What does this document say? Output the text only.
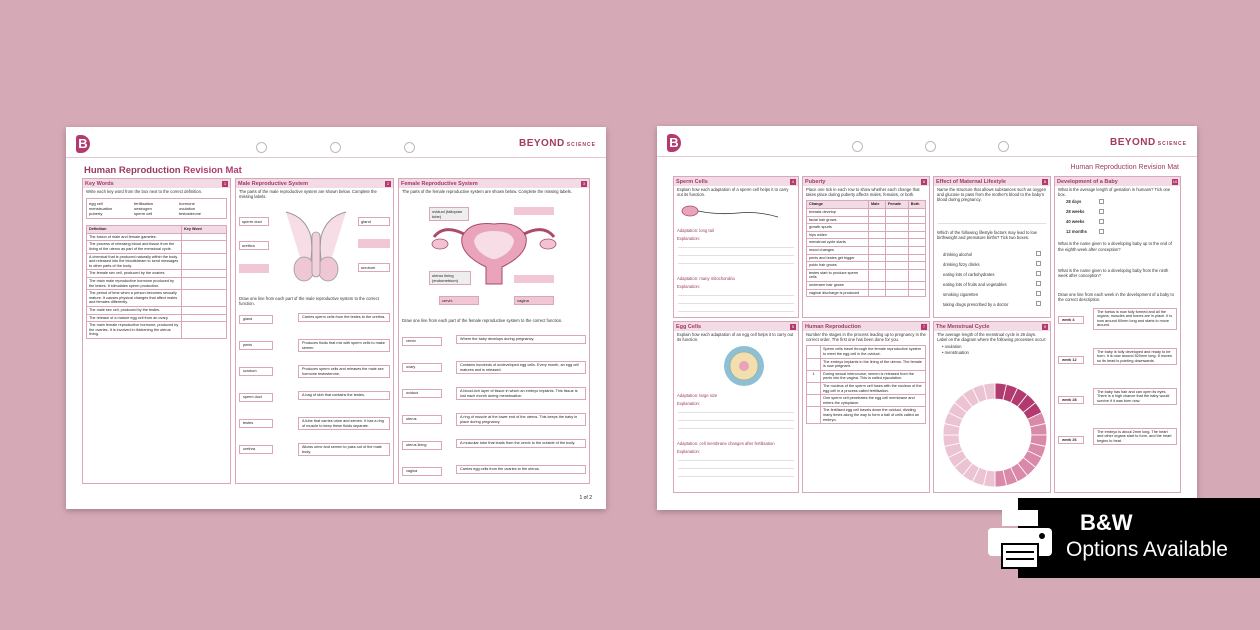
B	BEYOND SCIENCE
Human Reproduction Revision Mat
Key Words	1
Write each key word from the box next to the correct definition.
egg cell	fertilisation	hormone
menstruation	oestrogen	ovulation
puberty	sperm cell	testosterone
Definition	Key Word
The fusion of male and female gametes.	
The process of releasing blood and tissue from the lining of the uterus as part of the menstrual cycle.	
A chemical that is produced naturally within the body and released into the bloodstream to send messages to other parts of the body.	
The female sex cell, produced by the ovaries.	
The main male reproductive hormone produced by the testes. It stimulates sperm production.	
The period of time when a person becomes sexually mature. It causes physical changes that affect males and females differently.	
The male sex cell, produced by the testes.	
The release of a mature egg cell from an ovary.	
The main female reproductive hormone, produced by the ovaries. It is involved in thickening the uterus lining.	
Male Reproductive System	2
The parts of the male reproductive system are shown below. Complete the missing labels.
sperm duct
urethra
gland
scrotum
Draw one line from each part of the male reproductive system to the correct function.
gland	Carries sperm cells from the testes to the urethra.
penis	Produces fluids that mix with sperm cells to make semen.
scrotum	Produces sperm cells and releases the male sex hormone testosterone.
sperm duct	A bag of skin that contains the testes.
testes	A tube that carries urine and semen. It has a ring of muscle to keep these fluids separate.
urethra	Allows urine and semen to pass out of the male body.
Female Reproductive System	3
The parts of the female reproductive system are shown below. Complete the missing labels.
oviduct (fallopian tube)
uterus lining (endometrium)
cervix	vagina
Draw one line from each part of the female reproductive system to the correct function.
cervix	Where the baby develops during pregnancy.
ovary	Contains hundreds of undeveloped egg cells. Every month, an egg cell matures and is released.
oviduct	A blood-rich layer of tissue in which an embryo implants. This tissue is lost each month during menstruation.
uterus	A ring of muscle at the lower end of the uterus. This keeps the baby in place during pregnancy.
uterus lining	A muscular tube that leads from the cervix to the outside of the body.
vagina	Carries egg cells from the ovaries to the uterus.
1 of 2
B	BEYOND SCIENCE
Human Reproduction Revision Mat
Sperm Cells	4
Explain how each adaptation of a sperm cell helps it to carry out its function.
Adaptation: long tail
Explanation:
Adaptation: many mitochondria
Explanation:
Egg Cells	5
Explain how each adaptation of an egg cell helps it to carry out its function.
Adaptation: large size
Explanation:
Adaptation: cell membrane changes after fertilisation
Explanation:
Puberty	6
Place one tick in each row to show whether each change that takes place during puberty affects males, females, or both.
Change	Male	Female	Both
breasts develop			
facial hair grows			
growth spurts			
hips widen			
menstrual cycle starts			
mood changes			
penis and testes get bigger			
pubic hair grows			
testes start to produce sperm cells			
underarm hair grows			
vaginal discharge is produced			
Human Reproduction	7
Number the stages in the process leading up to pregnancy in the correct order. The first one has been done for you.
	Sperm cells travel through the female reproductive system to meet the egg cell in the oviduct.
	The embryo implants in the lining of the uterus. The female is now pregnant.
1	During sexual intercourse, semen is released from the penis into the vagina. This is called ejaculation.
	The nucleus of the sperm cell fuses with the nucleus of the egg cell in a process called fertilisation.
	One sperm cell penetrates the egg cell membrane and enters the cytoplasm.
	The fertilised egg cell travels down the oviduct, dividing many times along the way to form a ball of cells called an embryo.
Effect of Maternal Lifestyle	8
Name the structure that allows substances such as oxygen and glucose to pass from the mother's blood to the baby's blood during pregnancy.
Which of the following lifestyle factors may lead to low birthweight and premature births? Tick two boxes.
drinking alcohol
drinking fizzy drinks
eating lots of carbohydrates
eating lots of fruits and vegetables
smoking cigarettes
taking drugs prescribed by a doctor
The Menstrual Cycle	9
The average length of the menstrual cycle is 28 days. Label on the diagram where the following processes occur:
• ovulation
• menstruation
Development of a Baby	10
What is the average length of gestation in humans? Tick one box.
28 days
28 weeks
40 weeks
12 months
What is the name given to a developing baby up to the end of the eighth week after conception?
What is the name given to a developing baby from the ninth week after conception?
Draw one line from each week in the development of a baby to the correct description.
week 4
The foetus is now fully formed and all the organs, muscles and bones are in place. It is now around 60mm long and starts to move around.
week 12
The baby is fully developed and ready to be born. It is now around 520mm long. It moves so its head is pointing downwards.
week 28
The baby has hair and can open its eyes. There is a high chance that the baby would survive if it was born now.
week 26
The embryo is about 2mm long. The heart and other organs start to form, and the heart begins to beat.
B&W
Options Available
